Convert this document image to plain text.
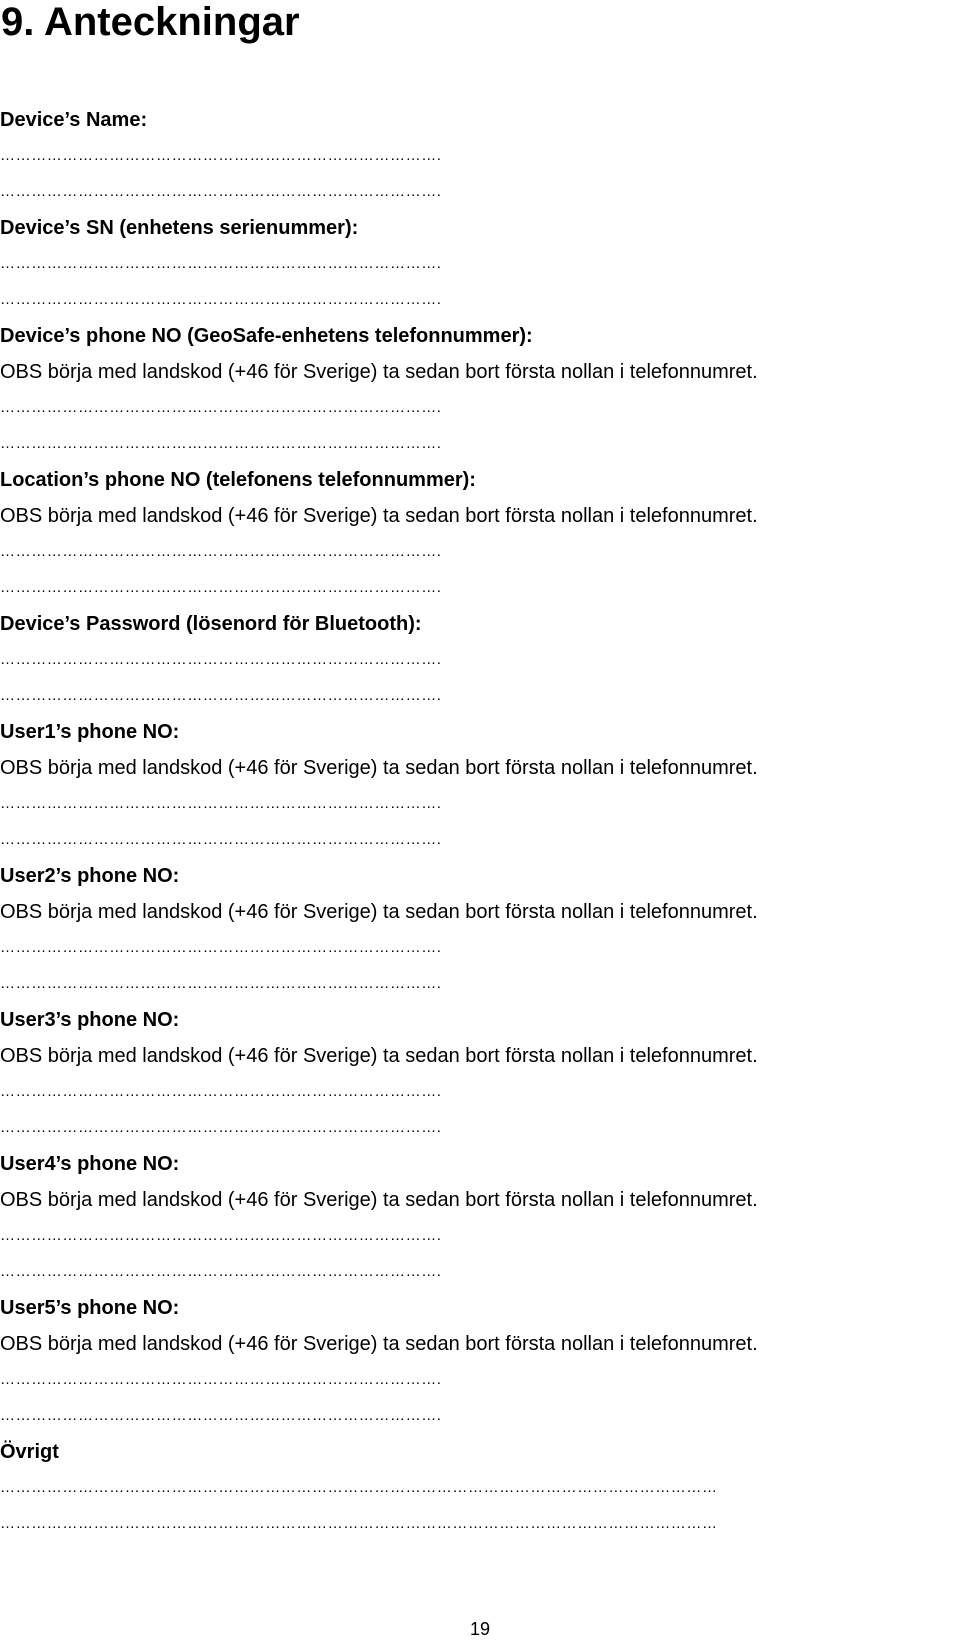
9. Anteckningar
Device’s Name:
………………………………………………………………………….
………………………………………………………………………….
Device’s SN (enhetens serienummer):
………………………………………………………………………….
………………………………………………………………………….
Device’s phone NO (GeoSafe-enhetens telefonnummer):
OBS börja med landskod (+46 för Sverige) ta sedan bort första nollan i telefonnumret.
………………………………………………………………………….
………………………………………………………………………….
Location’s phone NO (telefonens telefonnummer):
OBS börja med landskod (+46 för Sverige) ta sedan bort första nollan i telefonnumret.
………………………………………………………………………….
………………………………………………………………………….
Device’s Password (lösenord för Bluetooth):
………………………………………………………………………….
………………………………………………………………………….
User1’s phone NO:
OBS börja med landskod (+46 för Sverige) ta sedan bort första nollan i telefonnumret.
………………………………………………………………………….
………………………………………………………………………….
User2’s phone NO:
OBS börja med landskod (+46 för Sverige) ta sedan bort första nollan i telefonnumret.
………………………………………………………………………….
………………………………………………………………………….
User3’s phone NO:
OBS börja med landskod (+46 för Sverige) ta sedan bort första nollan i telefonnumret.
………………………………………………………………………….
………………………………………………………………………….
User4’s phone NO:
OBS börja med landskod (+46 för Sverige) ta sedan bort första nollan i telefonnumret.
………………………………………………………………………….
………………………………………………………………………….
User5’s phone NO:
OBS börja med landskod (+46 för Sverige) ta sedan bort första nollan i telefonnumret.
………………………………………………………………………….
………………………………………………………………………….
Övrigt
…………………………………………………………………………………………………………………………
…………………………………………………………………………………………………………………………
19
